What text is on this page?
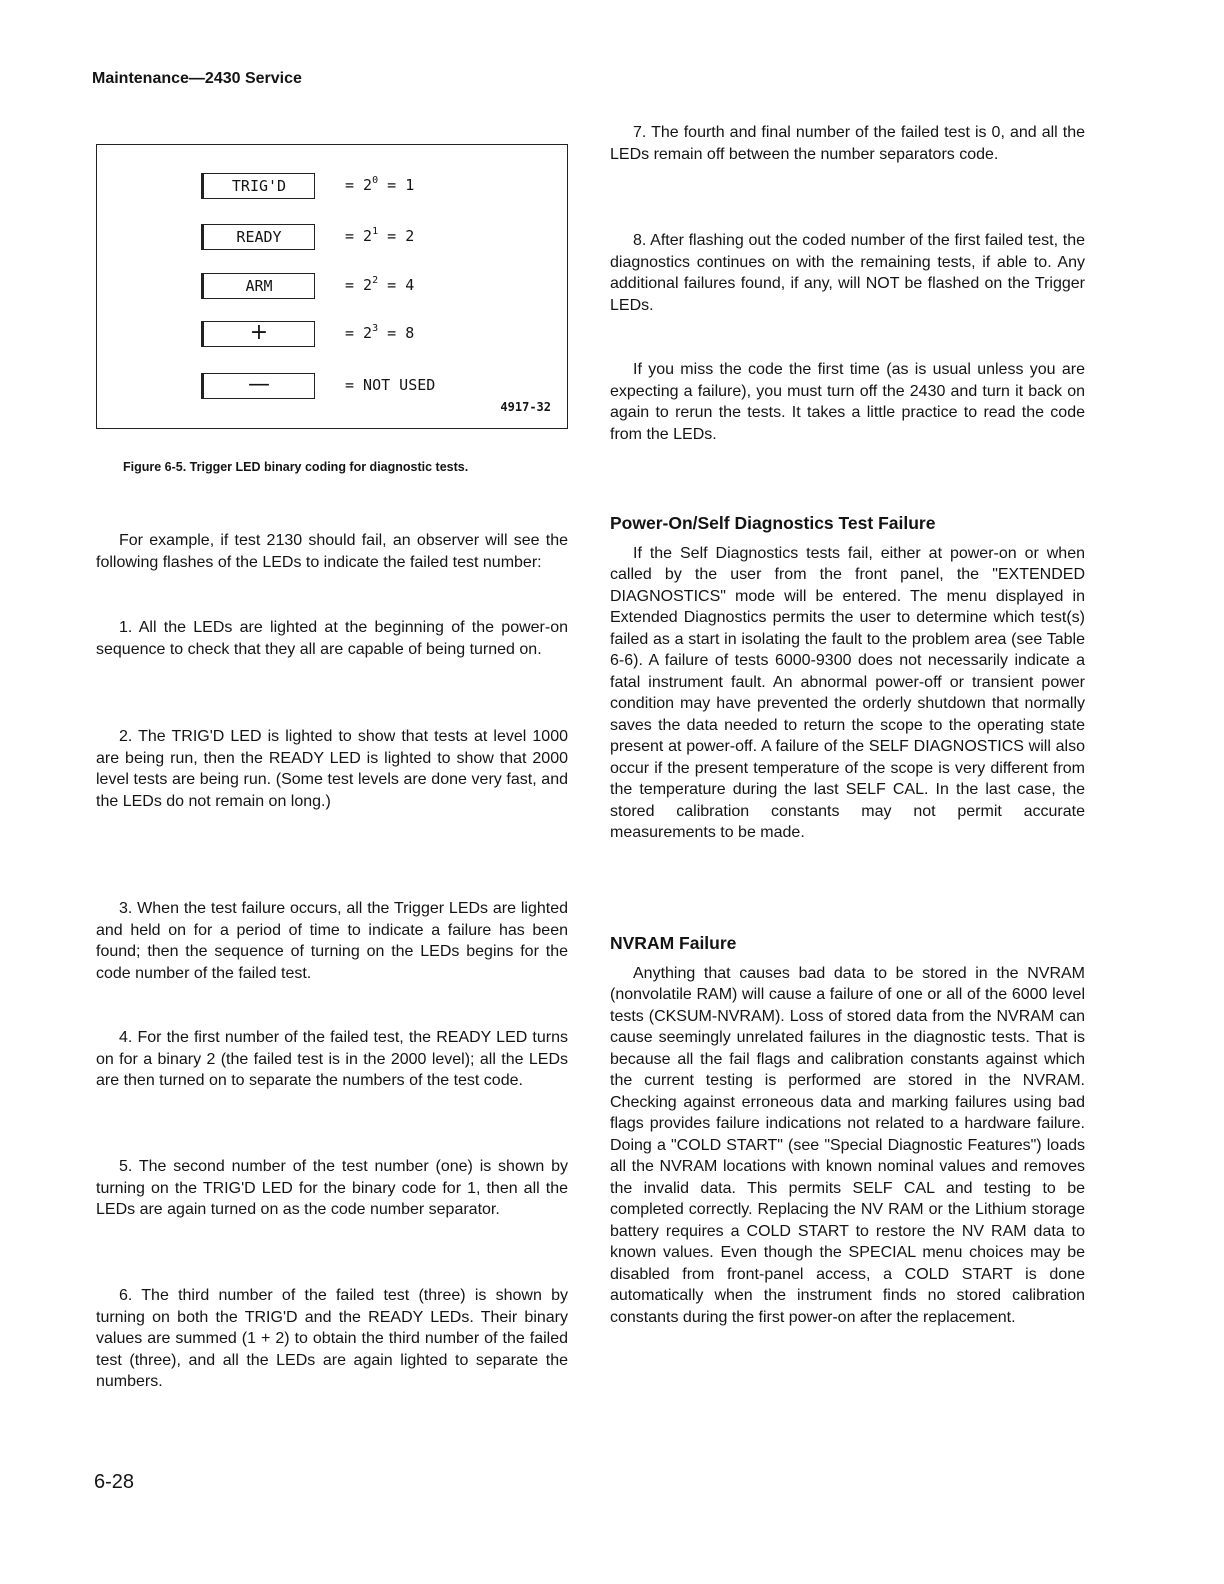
Maintenance—2430 Service
TRIG'D	= $2^0 = 1$
READY	= $2^1 = 2$
ARM	= $2^2 = 4$
+	= $2^3 = 8$
—	= NOT USED
4917-32
Figure 6-5. Trigger LED binary coding for diagnostic tests.

For example, if test 2130 should fail, an observer will see the following flashes of the LEDs to indicate the failed test number:

1. All the LEDs are lighted at the beginning of the power-on sequence to check that they all are capable of being turned on.

2. The TRIG'D LED is lighted to show that tests at level 1000 are being run, then the READY LED is lighted to show that 2000 level tests are being run. (Some test levels are done very fast, and the LEDs do not remain on long.)

3. When the test failure occurs, all the Trigger LEDs are lighted and held on for a period of time to indicate a failure has been found; then the sequence of turning on the LEDs begins for the code number of the failed test.

4. For the first number of the failed test, the READY LED turns on for a binary 2 (the failed test is in the 2000 level); all the LEDs are then turned on to separate the numbers of the test code.

5. The second number of the test number (one) is shown by turning on the TRIG'D LED for the binary code for 1, then all the LEDs are again turned on as the code number separator.

6. The third number of the failed test (three) is shown by turning on both the TRIG'D and the READY LEDs. Their binary values are summed (1 + 2) to obtain the third number of the failed test (three), and all the LEDs are again lighted to separate the numbers.

7. The fourth and final number of the failed test is 0, and all the LEDs remain off between the number separators code.

8. After flashing out the coded number of the first failed test, the diagnostics continues on with the remaining tests, if able to. Any additional failures found, if any, will NOT be flashed on the Trigger LEDs.

If you miss the code the first time (as is usual unless you are expecting a failure), you must turn off the 2430 and turn it back on again to rerun the tests. It takes a little practice to read the code from the LEDs.

Power-On/Self Diagnostics Test Failure

If the Self Diagnostics tests fail, either at power-on or when called by the user from the front panel, the "EXTENDED DIAGNOSTICS" mode will be entered. The menu displayed in Extended Diagnostics permits the user to determine which test(s) failed as a start in isolating the fault to the problem area (see Table 6-6). A failure of tests 6000-9300 does not necessarily indicate a fatal instrument fault. An abnormal power-off or transient power condition may have prevented the orderly shutdown that normally saves the data needed to return the scope to the operating state present at power-off. A failure of the SELF DIAGNOSTICS will also occur if the present temperature of the scope is very different from the temperature during the last SELF CAL. In the last case, the stored calibration constants may not permit accurate measurements to be made.

NVRAM Failure

Anything that causes bad data to be stored in the NVRAM (nonvolatile RAM) will cause a failure of one or all of the 6000 level tests (CKSUM-NVRAM). Loss of stored data from the NVRAM can cause seemingly unrelated failures in the diagnostic tests. That is because all the fail flags and calibration constants against which the current testing is performed are stored in the NVRAM. Checking against erroneous data and marking failures using bad flags provides failure indications not related to a hardware failure. Doing a "COLD START" (see "Special Diagnostic Features") loads all the NVRAM locations with known nominal values and removes the invalid data. This permits SELF CAL and testing to be completed correctly. Replacing the NV RAM or the Lithium storage battery requires a COLD START to restore the NV RAM data to known values. Even though the SPECIAL menu choices may be disabled from front-panel access, a COLD START is done automatically when the instrument finds no stored calibration constants during the first power-on after the replacement.

6-28
